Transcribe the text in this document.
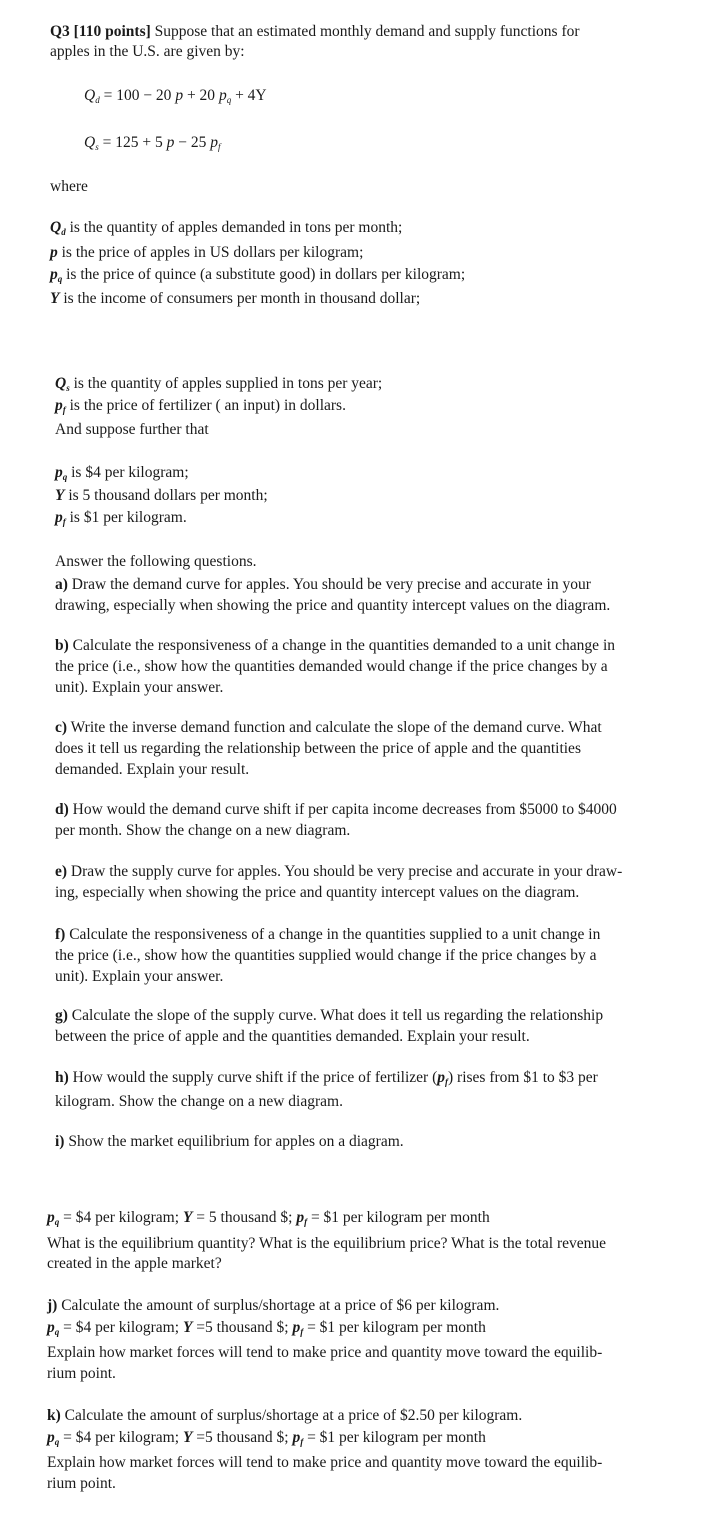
Q3 [110 points] Suppose that an estimated monthly demand and supply functions for
apples in the U.S. are given by:
$Q_d = 100 - 20$ p + 20 $p_q + 4Y$
$Q_s = 125 + 5$ p − 25 $p_f$
where
$Q_d$ is the quantity of apples demanded in tons per month;
p is the price of apples in US dollars per kilogram;
$p_q$ is the price of quince (a substitute good) in dollars per kilogram;
Y is the income of consumers per month in thousand dollar;
$Q_s$ is the quantity of apples supplied in tons per year;
$p_f$ is the price of fertilizer ( an input) in dollars.
And suppose further that
$p_q$ is $4 per kilogram;
Y is 5 thousand dollars per month;
$p_f$ is $1 per kilogram.
Answer the following questions.
a) Draw the demand curve for apples. You should be very precise and accurate in your
drawing, especially when showing the price and quantity intercept values on the diagram.
b) Calculate the responsiveness of a change in the quantities demanded to a unit change in
the price (i.e., show how the quantities demanded would change if the price changes by a
unit). Explain your answer.
c) Write the inverse demand function and calculate the slope of the demand curve. What
does it tell us regarding the relationship between the price of apple and the quantities
demanded. Explain your result.
d) How would the demand curve shift if per capita income decreases from $5000 to $4000
per month. Show the change on a new diagram.
e) Draw the supply curve for apples. You should be very precise and accurate in your draw-
ing, especially when showing the price and quantity intercept values on the diagram.
f) Calculate the responsiveness of a change in the quantities supplied to a unit change in
the price (i.e., show how the quantities supplied would change if the price changes by a
unit). Explain your answer.
g) Calculate the slope of the supply curve. What does it tell us regarding the relationship
between the price of apple and the quantities demanded. Explain your result.
h) How would the supply curve shift if the price of fertilizer $(p_f)$ rises from $1 to $3 per
kilogram. Show the change on a new diagram.
i) Show the market equilibrium for apples on a diagram.
$p_q$ = $4 per kilogram; Y = 5 thousand $; $p_f$ = $1 per kilogram per month
What is the equilibrium quantity? What is the equilibrium price? What is the total revenue
created in the apple market?
j) Calculate the amount of surplus/shortage at a price of $6 per kilogram.
$p_q$ = $4 per kilogram; Y =5 thousand $; $p_f$ = $1 per kilogram per month
Explain how market forces will tend to make price and quantity move toward the equilib-
rium point.
k) Calculate the amount of surplus/shortage at a price of $2.50 per kilogram.
$p_q$ = $4 per kilogram; Y =5 thousand $; $p_f$ = $1 per kilogram per month
Explain how market forces will tend to make price and quantity move toward the equilib-
rium point.
